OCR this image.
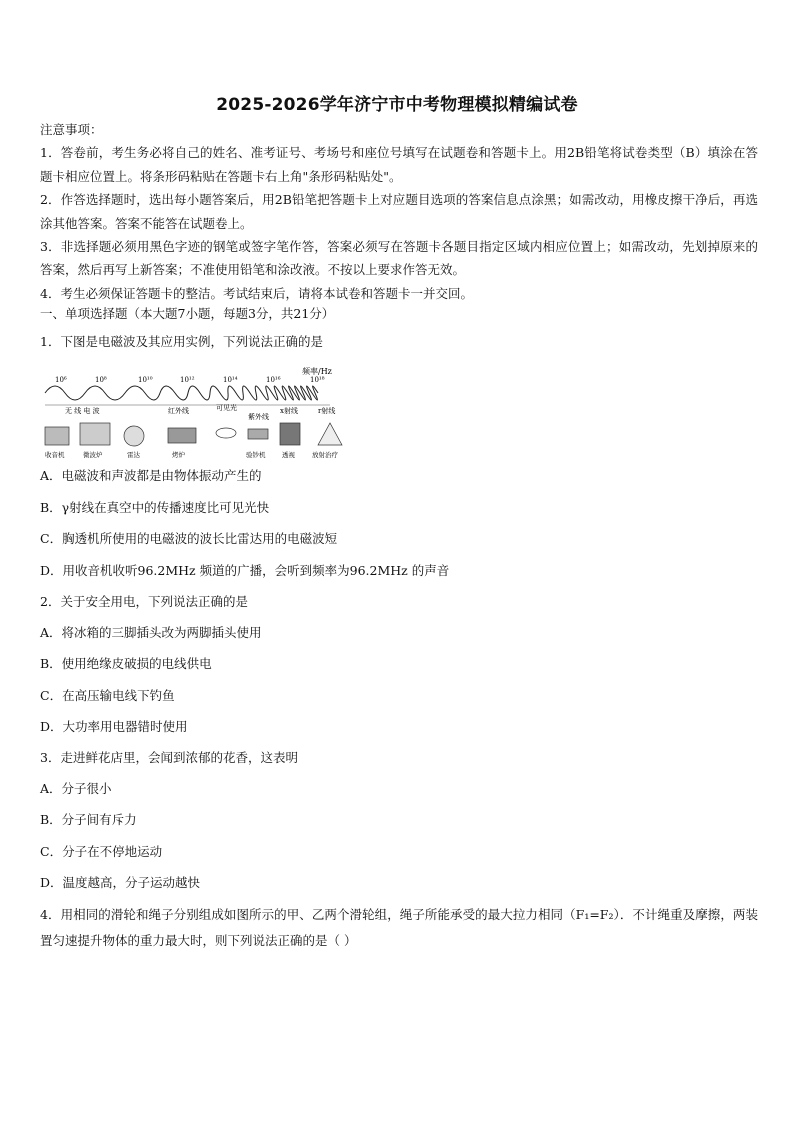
2025-2026学年济宁市中考物理模拟精编试卷

注意事项：

1．答卷前，考生务必将自己的姓名、准考证号、考场号和座位号填写在试题卷和答题卡上。用2B铅笔将试卷类型（B）填涂在答题卡相应位置上。将条形码粘贴在答题卡右上角"条形码粘贴处"。

2．作答选择题时，选出每小题答案后，用2B铅笔把答题卡上对应题目选项的答案信息点涂黑；如需改动，用橡皮擦干净后，再选涂其他答案。答案不能答在试题卷上。

3．非选择题必须用黑色字迹的钢笔或签字笔作答，答案必须写在答题卡各题目指定区域内相应位置上；如需改动，先划掉原来的答案，然后再写上新答案；不准使用铅笔和涂改液。不按以上要求作答无效。

4．考生必须保证答题卡的整洁。考试结束后，请将本试卷和答题卡一并交回。

一、单项选择题（本大题7小题，每题3分，共21分）
1．下图是电磁波及其应用实例，下列说法正确的是
频率/Hz
10⁶	10⁸	10¹⁰	10¹²	10¹⁴	10¹⁶	10¹⁸
无 线 电 波	红外线	可见光
紫外线
x射线	r射线
收音机	微波炉	雷达	烤炉	验钞机	透视	放射治疗
A．电磁波和声波都是由物体振动产生的
B．γ射线在真空中的传播速度比可见光快
C．胸透机所使用的电磁波的波长比雷达用的电磁波短
D．用收音机收听96.2MHz 频道的广播，会听到频率为96.2MHz 的声音
2．关于安全用电，下列说法正确的是
A．将冰箱的三脚插头改为两脚插头使用
B．使用绝缘皮破损的电线供电
C．在高压输电线下钓鱼
D．大功率用电器错时使用
3．走进鲜花店里，会闻到浓郁的花香，这表明
A．分子很小
B．分子间有斥力
C．分子在不停地运动
D．温度越高，分子运动越快
4．用相同的滑轮和绳子分别组成如图所示的甲、乙两个滑轮组，绳子所能承受的最大拉力相同（F₁=F₂）．不计绳重及摩擦，两装置匀速提升物体的重力最大时，则下列说法正确的是（ ）
